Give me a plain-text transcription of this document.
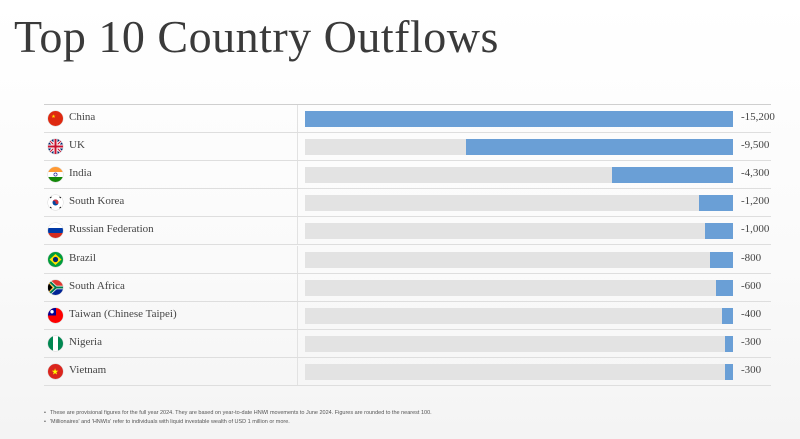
Top 10 Country Outflows
★ China	-15,200
UK	-9,500
India	-4,300
South Korea	-1,200
Russian Federation	-1,000
Brazil	-800
South Africa	-600
Taiwan (Chinese Taipei)	-400
Nigeria	-300
★ Vietnam	-300
• These are provisional figures for the full year 2024. They are based on year-to-date HNWI movements to June 2024. Figures are rounded to the nearest 100.
• 'Millionaires' and 'HNWIs' refer to individuals with liquid investable wealth of USD 1 million or more.
